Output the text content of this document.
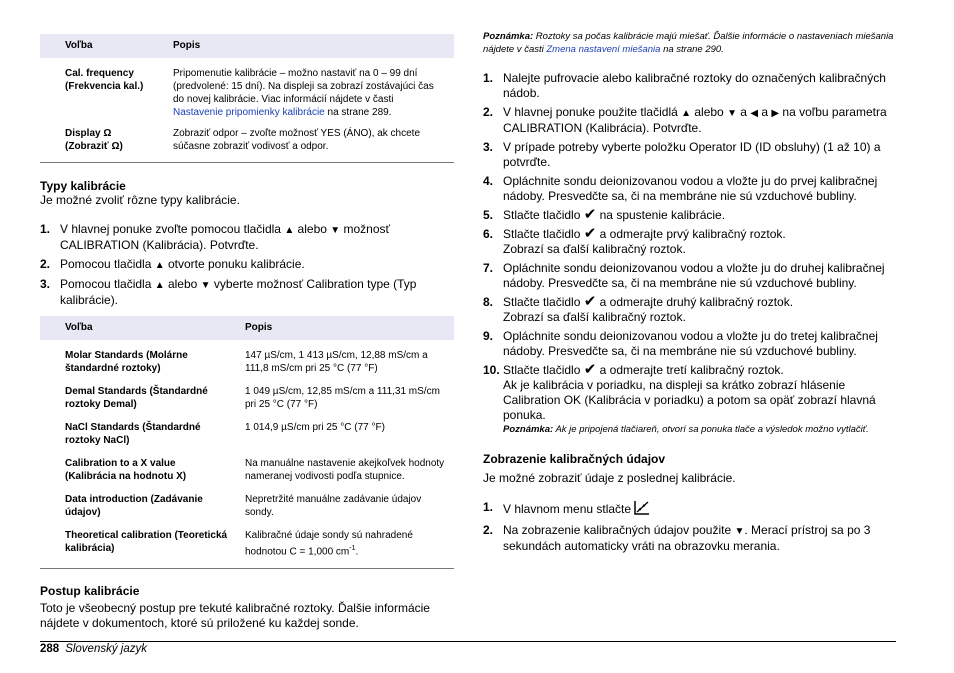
Voľba	Popis
Cal. frequency
(Frekvencia kal.)	Pripomenutie kalibrácie – možno nastaviť na 0 – 99 dní (predvolené: 15 dní). Na displeji sa zobrazí zostávajúci čas do novej kalibrácie. Viac informácií nájdete v časti Nastavenie pripomienky kalibrácie na strane 289.
Display Ω
(Zobraziť Ω)	Zobraziť odpor – zvoľte možnosť YES (ÁNO), ak chcete súčasne zobraziť vodivosť a odpor.

Typy kalibrácie

Je možné zvoliť rôzne typy kalibrácie.

1. V hlavnej ponuke zvoľte pomocou tlačidla ▲ alebo ▼ možnosť CALIBRATION (Kalibrácia). Potvrďte.
2. Pomocou tlačidla ▲ otvorte ponuku kalibrácie.
3. Pomocou tlačidla ▲ alebo ▼ vyberte možnosť Calibration type (Typ kalibrácie).
Voľba	Popis
Molar Standards (Molárne štandardné roztoky)	147 µS/cm, 1 413 µS/cm, 12,88 mS/cm a 111,8 mS/cm pri 25 °C (77 °F)
Demal Standards (Štandardné roztoky Demal)	1 049 µS/cm, 12,85 mS/cm a 111,31 mS/cm pri 25 °C (77 °F)
NaCl Standards (Štandardné roztoky NaCl)	1 014,9 µS/cm pri 25 °C (77 °F)
Calibration to a X value (Kalibrácia na hodnotu X)	Na manuálne nastavenie akejkoľvek hodnoty nameranej vodivosti podľa stupnice.
Data introduction (Zadávanie údajov)	Nepretržité manuálne zadávanie údajov sondy.
Theoretical calibration (Teoretická kalibrácia)	Kalibračné údaje sondy sú nahradené hodnotou C = 1,000 $cm^{-1}$.

Postup kalibrácie

Toto je všeobecný postup pre tekuté kalibračné roztoky. Ďalšie informácie nájdete v dokumentoch, ktoré sú priložené ku každej sonde.

Poznámka: Roztoky sa počas kalibrácie majú miešať. Ďalšie informácie o nastaveniach miešania nájdete v časti Zmena nastavení miešania na strane 290.

1. Nalejte pufrovacie alebo kalibračné roztoky do označených kalibračných nádob.
2. V hlavnej ponuke použite tlačidlá ▲ alebo ▼ a ◀ a ▶ na voľbu parametra CALIBRATION (Kalibrácia). Potvrďte.
3. V prípade potreby vyberte položku Operator ID (ID obsluhy) (1 až 10) a potvrďte.
4. Opláchnite sondu deionizovanou vodou a vložte ju do prvej kalibračnej nádoby. Presvedčte sa, či na membráne nie sú vzduchové bubliny.
5. Stlačte tlačidlo ✔ na spustenie kalibrácie.
6. Stlačte tlačidlo ✔ a odmerajte prvý kalibračný roztok.
Zobrazí sa ďalší kalibračný roztok.
7. Opláchnite sondu deionizovanou vodou a vložte ju do druhej kalibračnej nádoby. Presvedčte sa, či na membráne nie sú vzduchové bubliny.
8. Stlačte tlačidlo ✔ a odmerajte druhý kalibračný roztok.
Zobrazí sa ďalší kalibračný roztok.
9. Opláchnite sondu deionizovanou vodou a vložte ju do tretej kalibračnej nádoby. Presvedčte sa, či na membráne nie sú vzduchové bubliny.
10. Stlačte tlačidlo ✔ a odmerajte tretí kalibračný roztok.
Ak je kalibrácia v poriadku, na displeji sa krátko zobrazí hlásenie Calibration OK (Kalibrácia v poriadku) a potom sa opäť zobrazí hlavná ponuka.

Poznámka: Ak je pripojená tlačiareň, otvorí sa ponuka tlače a výsledok možno vytlačiť.

Zobrazenie kalibračných údajov

Je možné zobraziť údaje z poslednej kalibrácie.

1. V hlavnom menu stlačte
2. Na zobrazenie kalibračných údajov použite ▼. Merací prístroj sa po 3 sekundách automaticky vráti na obrazovku merania.
288 Slovenský jazyk
